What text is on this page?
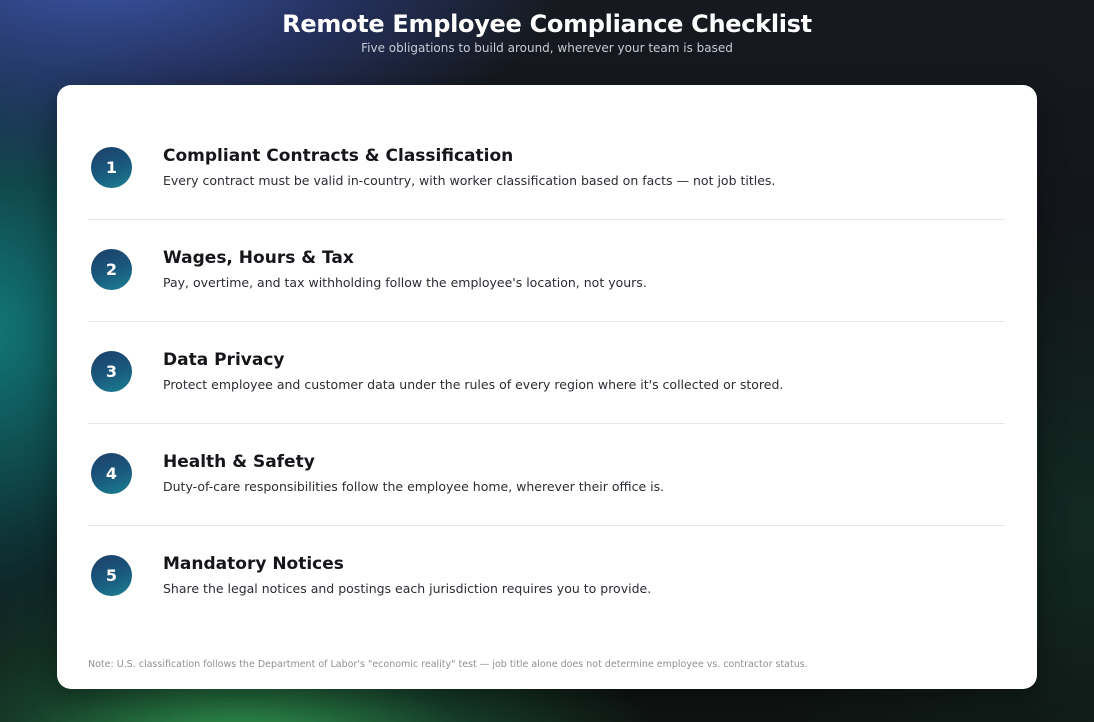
Remote Employee Compliance Checklist

Five obligations to build around, wherever your team is based

1
Compliant Contracts & Classification

Every contract must be valid in-country, with worker classification based on facts — not job titles.

2
Wages, Hours & Tax

Pay, overtime, and tax withholding follow the employee's location, not yours.

3
Data Privacy

Protect employee and customer data under the rules of every region where it's collected or stored.

4
Health & Safety

Duty-of-care responsibilities follow the employee home, wherever their office is.

5
Mandatory Notices

Share the legal notices and postings each jurisdiction requires you to provide.

Note: U.S. classification follows the Department of Labor's "economic reality" test — job title alone does not determine employee vs. contractor status.
